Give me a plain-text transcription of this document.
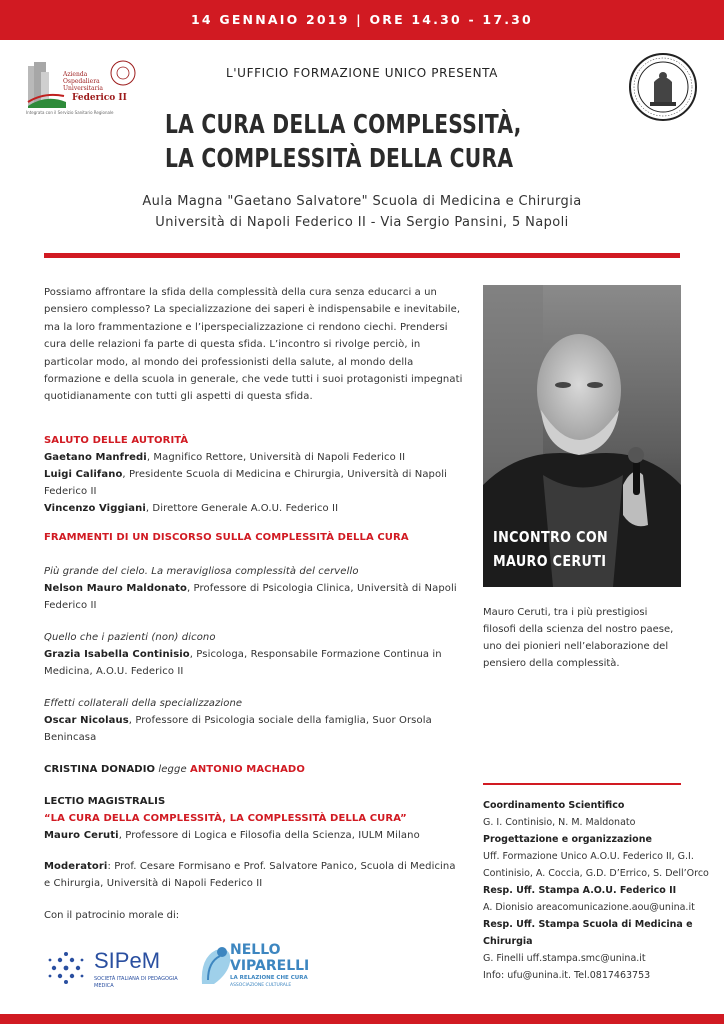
14 GENNAIO 2019 | ORE 14.30 - 17.30
Azienda
Ospedaliera
Universitaria
Federico II
Integrata con il Servizio Sanitario Regionale
L'UFFICIO FORMAZIONE UNICO PRESENTA
LA CURA DELLA COMPLESSITÀ,
LA COMPLESSITÀ DELLA CURA
Aula Magna "Gaetano Salvatore" Scuola di Medicina e Chirurgia
Università di Napoli Federico II - Via Sergio Pansini, 5 Napoli
Possiamo affrontare la sfida della complessità della cura senza educarci a un pensiero complesso? La specializzazione dei saperi è indispensabile e inevitabile, ma la loro frammentazione e l’iperspecializzazione ci rendono ciechi. Prendersi cura delle relazioni fa parte di questa sfida. L’incontro si rivolge perciò, in particolar modo, al mondo dei professionisti della salute, al mondo della formazione e della scuola in generale, che vede tutti i suoi protagonisti impegnati quotidianamente con tutti gli aspetti di questa sfida.
INCONTRO CON
MAURO CERUTI
Mauro Ceruti, tra i più prestigiosi filosofi della scienza del nostro paese, uno dei pionieri nell’elaborazione del pensiero della complessità.
SALUTO DELLE AUTORITÀ
Gaetano Manfredi, Magnifico Rettore, Università di Napoli Federico II
Luigi Califano, Presidente Scuola di Medicina e Chirurgia, Università di Napoli Federico II
Vincenzo Viggiani, Direttore Generale A.O.U. Federico II
FRAMMENTI DI UN DISCORSO SULLA COMPLESSITÀ DELLA CURA
Più grande del cielo. La meravigliosa complessità del cervello
Nelson Mauro Maldonato, Professore di Psicologia Clinica, Università di Napoli Federico II
Quello che i pazienti (non) dicono
Grazia Isabella Continisio, Psicologa, Responsabile Formazione Continua in Medicina, A.O.U. Federico II
Effetti collaterali della specializzazione
Oscar Nicolaus, Professore di Psicologia sociale della famiglia, Suor Orsola Benincasa
CRISTINA DONADIO legge ANTONIO MACHADO
LECTIO MAGISTRALIS
“LA CURA DELLA COMPLESSITÀ, LA COMPLESSITÀ DELLA CURA”
Mauro Ceruti, Professore di Logica e Filosofia della Scienza, IULM Milano
Moderatori: Prof. Cesare Formisano e Prof. Salvatore Panico, Scuola di Medicina e Chirurgia, Università di Napoli Federico II
Coordinamento Scientifico
G. I. Continisio, N. M. Maldonato
Progettazione e organizzazione
Uff. Formazione Unico A.O.U. Federico II, G.I. Continisio, A. Coccia, G.D. D’Errico, S. Dell’Orco
Resp. Uff. Stampa A.O.U. Federico II
A. Dionisio areacomunicazione.aou@unina.it
Resp. Uff. Stampa Scuola di Medicina e Chirurgia
G. Finelli uff.stampa.smc@unina.it
Info: ufu@unina.it. Tel.0817463753
Con il patrocinio morale di:
SIPeM
SOCIETÀ ITALIANA DI PEDAGOGIA
MEDICA
NELLO
VIPARELLI
LA RELAZIONE CHE CURA
ASSOCIAZIONE CULTURALE
